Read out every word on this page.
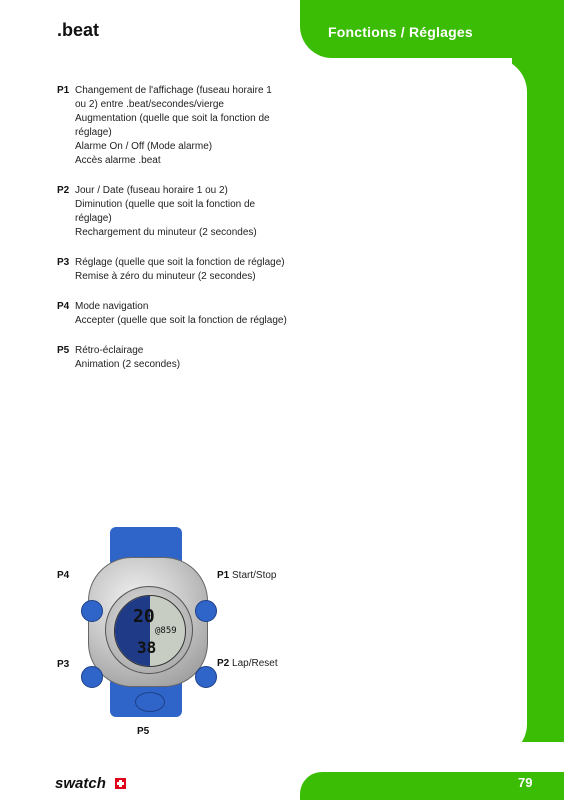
.beat	Fonctions / Réglages
P1 Changement de l'affichage (fuseau horaire 1
ou 2) entre .beat/secondes/vierge
Augmentation (quelle que soit la fonction de
réglage)
Alarme On / Off (Mode alarme)
Accès alarme .beat
P2 Jour / Date (fuseau horaire 1 ou 2)
Diminution (quelle que soit la fonction de
réglage)
Rechargement du minuteur (2 secondes)
P3 Réglage (quelle que soit la fonction de réglage)
Remise à zéro du minuteur (2 secondes)
P4 Mode navigation
Accepter (quelle que soit la fonction de réglage)
P5 Rétro-éclairage
Animation (2 secondes)
20
@859
38
P4
P3
P1 Start/Stop
P2 Lap/Reset
P5
swatch	79
